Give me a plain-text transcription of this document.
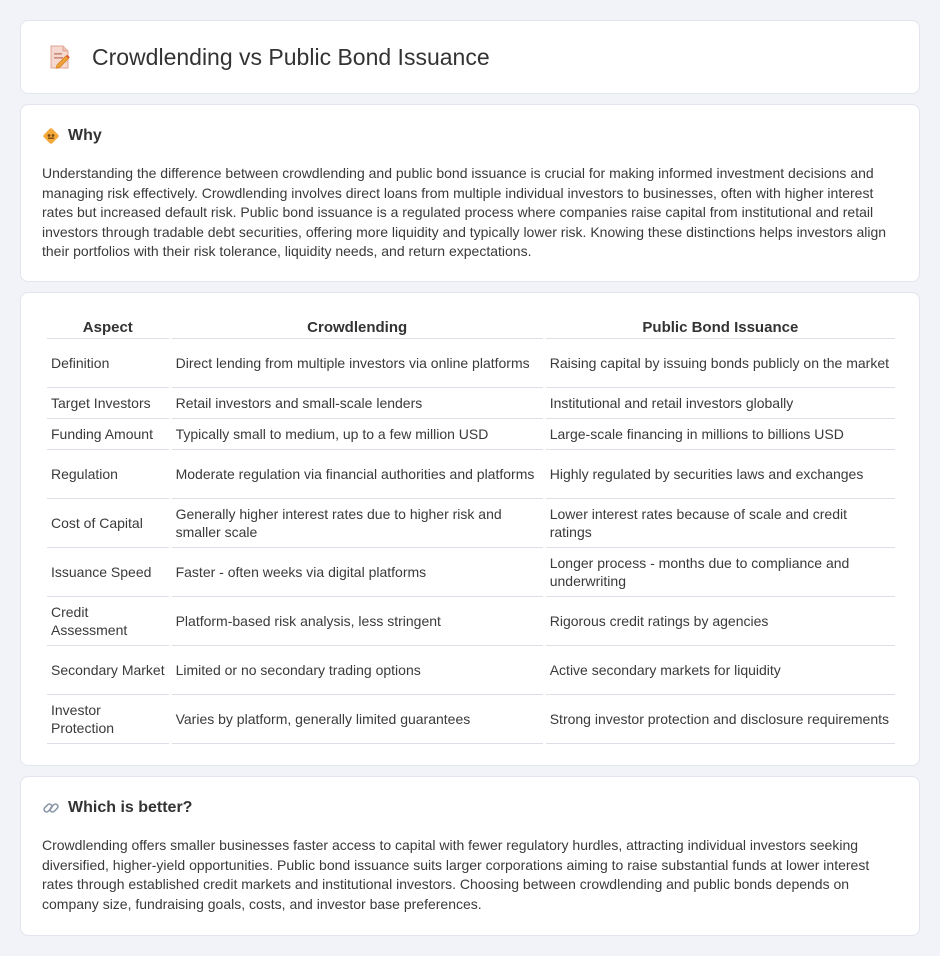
Crowdlending vs Public Bond Issuance
Why

Understanding the difference between crowdlending and public bond issuance is crucial for making informed investment decisions and managing risk effectively. Crowdlending involves direct loans from multiple individual investors to businesses, often with higher interest rates but increased default risk. Public bond issuance is a regulated process where companies raise capital from institutional and retail investors through tradable debt securities, offering more liquidity and typically lower risk. Knowing these distinctions helps investors align their portfolios with their risk tolerance, liquidity needs, and return expectations.

Aspect	Crowdlending	Public Bond Issuance
Definition	Direct lending from multiple investors via online platforms	Raising capital by issuing bonds publicly on the market
Target Investors	Retail investors and small-scale lenders	Institutional and retail investors globally
Funding Amount	Typically small to medium, up to a few million USD	Large-scale financing in millions to billions USD
Regulation	Moderate regulation via financial authorities and platforms	Highly regulated by securities laws and exchanges
Cost of Capital	Generally higher interest rates due to higher risk and smaller scale	Lower interest rates because of scale and credit ratings
Issuance Speed	Faster - often weeks via digital platforms	Longer process - months due to compliance and underwriting
Credit Assessment	Platform-based risk analysis, less stringent	Rigorous credit ratings by agencies
Secondary Market	Limited or no secondary trading options	Active secondary markets for liquidity
Investor Protection	Varies by platform, generally limited guarantees	Strong investor protection and disclosure requirements
Which is better?

Crowdlending offers smaller businesses faster access to capital with fewer regulatory hurdles, attracting individual investors seeking diversified, higher-yield opportunities. Public bond issuance suits larger corporations aiming to raise substantial funds at lower interest rates through established credit markets and institutional investors. Choosing between crowdlending and public bonds depends on company size, fundraising goals, costs, and investor base preferences.
